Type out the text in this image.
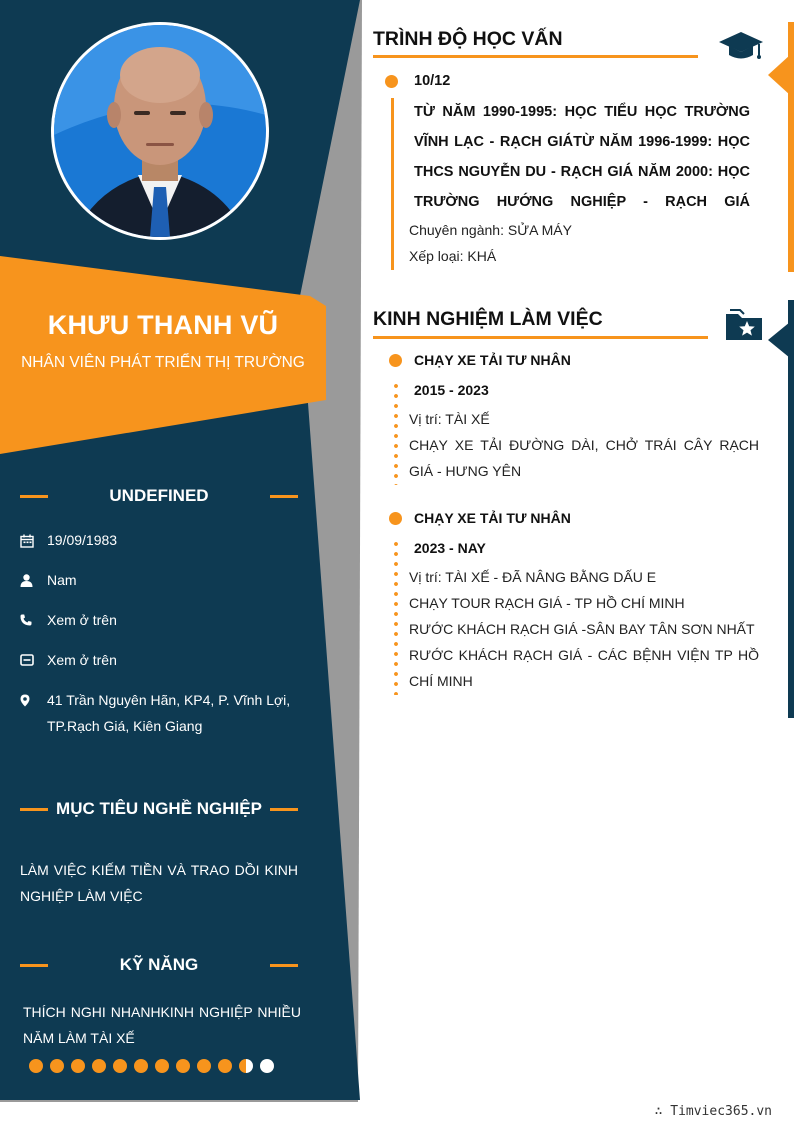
KHƯU THANH VŨ
NHÂN VIÊN PHÁT TRIỂN THỊ TRƯỜNG
UNDEFINED
19/09/1983
Nam
Xem ở trên
Xem ở trên
41 Trần Nguyên Hãn, KP4, P. Vĩnh Lợi, TP.Rạch Giá, Kiên Giang
MỤC TIÊU NGHỀ NGHIỆP
LÀM VIỆC KIẾM TIỀN VÀ TRAO DỒI KINH NGHIỆP LÀM VIỆC
KỸ NĂNG
THÍCH NGHI NHANHKINH NGHIỆP NHIỀU NĂM LÀM TÀI XẾ
TRÌNH ĐỘ HỌC VẤN
10/12
TỪ NĂM 1990-1995: HỌC TIỂU HỌC TRƯỜNG VĨNH LẠC - RẠCH GIÁTỪ NĂM 1996-1999: HỌC THCS NGUYỄN DU - RẠCH GIÁ NĂM 2000: HỌC TRƯỜNG HƯỚNG NGHIỆP - RẠCH GIÁ
Chuyên ngành: SỬA MÁY
Xếp loại: KHÁ
KINH NGHIỆM LÀM VIỆC
CHẠY XE TẢI TƯ NHÂN
2015 - 2023
Vị trí: TÀI XẾ
CHẠY XE TẢI ĐƯỜNG DÀI, CHỞ TRÁI CÂY RẠCH GIÁ - HƯNG YÊN
CHẠY XE TẢI TƯ NHÂN
2023 - NAY
Vị trí: TÀI XẾ - ĐÃ NÂNG BẰNG DẤU E
CHẠY TOUR RẠCH GIÁ - TP HỒ CHÍ MINH
RƯỚC KHÁCH RẠCH GIÁ -SÂN BAY TÂN SƠN NHẤT
RƯỚC KHÁCH RẠCH GIÁ - CÁC BỆNH VIỆN TP HỒ CHÍ MINH
∴ Timviec365.vn
